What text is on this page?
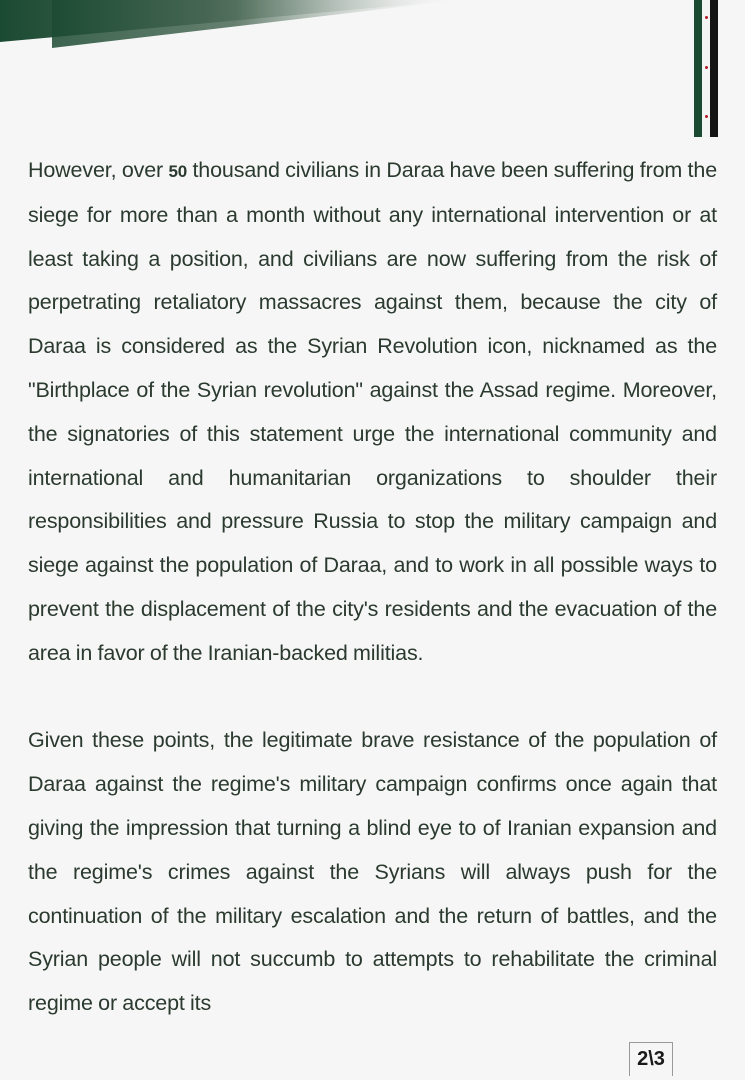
However, over 50 thousand civilians in Daraa have been suffering from the siege for more than a month without any international intervention or at least taking a position, and civilians are now suffering from the risk of perpetrating retaliatory massacres against them, because the city of Daraa is considered as the Syrian Revolution icon, nicknamed as the "Birthplace of the Syrian revolution" against the Assad regime. Moreover, the signatories of this statement urge the international community and international and humanitarian organizations to shoulder their responsibilities and pressure Russia to stop the military campaign and siege against the population of Daraa, and to work in all possible ways to prevent the displacement of the city's residents and the evacuation of the area in favor of the Iranian-backed militias.

Given these points, the legitimate brave resistance of the population of Daraa against the regime's military campaign confirms once again that giving the impression that turning a blind eye to of Iranian expansion and the regime's crimes against the Syrians will always push for the continuation of the military escalation and the return of battles, and the Syrian people will not succumb to attempts to rehabilitate the criminal regime or accept its

2\3
